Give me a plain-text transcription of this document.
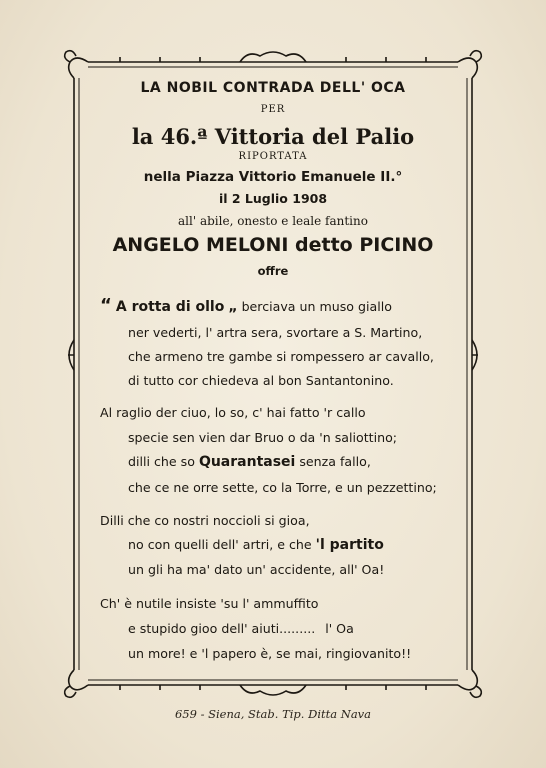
LA NOBIL CONTRADA DELL' OCA
PER
la 46.ª Vittoria del Palio
RIPORTATA
nella Piazza Vittorio Emanuele II.°
il 2 Luglio 1908
all' abile, onesto e leale fantino
ANGELO MELONI detto PICINO
offre
“ A rotta di ollo „ berciava un muso giallo
ner vederti, l' artra sera, svortare a S. Martino,
che armeno tre gambe si rompessero ar cavallo,
di tutto cor chiedeva al bon Santantonino.
Al raglio der ciuo, lo so, c' hai fatto 'r callo
specie sen vien dar Bruo o da 'n saliottino;
dilli che so Quarantasei senza fallo,
che ce ne orre sette, co la Torre, e un pezzettino;
Dilli che co nostri noccioli si gioa,
no con quelli dell' artri, e che 'l partito
un gli ha ma' dato un' accidente, all' Oa!
Ch' è nutile insiste 'su l' ammuffito
e stupido gioo dell' aiuti......... l' Oa
un more! e 'l papero è, se mai, ringiovanito!!
659 - Siena, Stab. Tip. Ditta Nava
